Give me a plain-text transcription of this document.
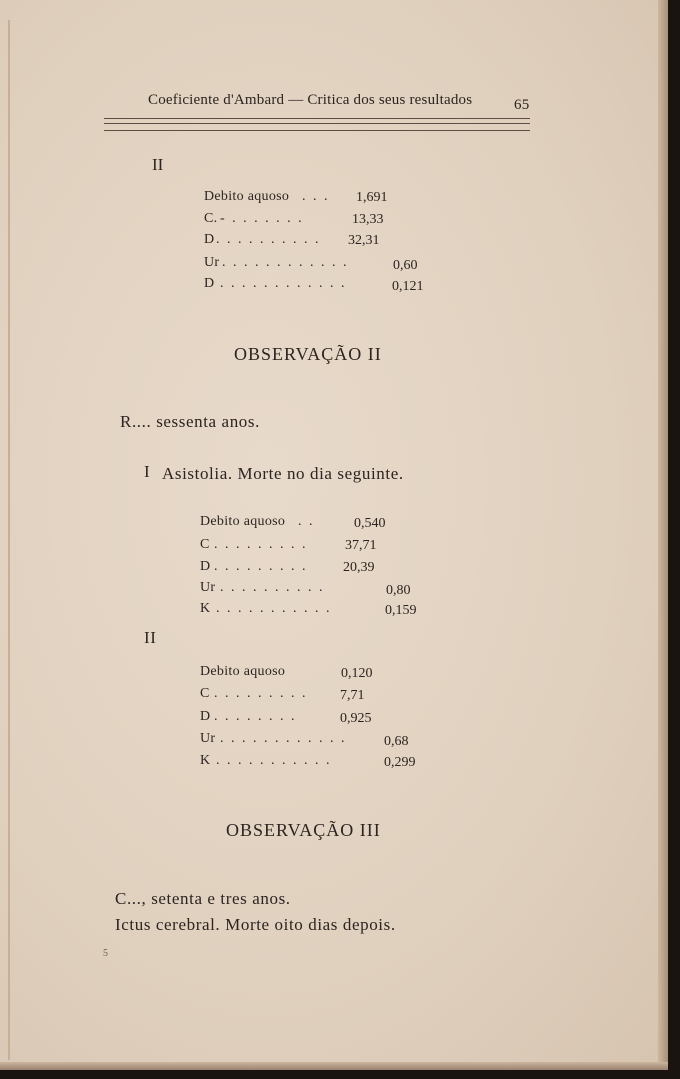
Coeficiente d'Ambard — Critica dos seus resultados	65
II
Debito aquoso . . . 1,691
C. - . . . . . . .	13,33
D . . . . . . . . . . 32,31
Ur . . . . . . . . . . . .	0,60
D . . . . . . . . . . . .	0,121
OBSERVAÇÃO II
R.... sessenta anos.
I Asistolia. Morte no dia seguinte.
Debito aquoso . .	0,540
C . . . . . . . . .	37,71
D . . . . . . . . .	20,39
Ur . . . . . . . . . .	0,80
K . . . . . . . . . . .	0,159
II
Debito aquoso	0,120
C . . . . . . . . . 7,71
D . . . . . . . .	0,925
Ur . . . . . . . . . . . .	0,68
K . . . . . . . . . . .	0,299
OBSERVAÇÃO III
C..., setenta e tres anos.
Ictus cerebral. Morte oito dias depois.
5
